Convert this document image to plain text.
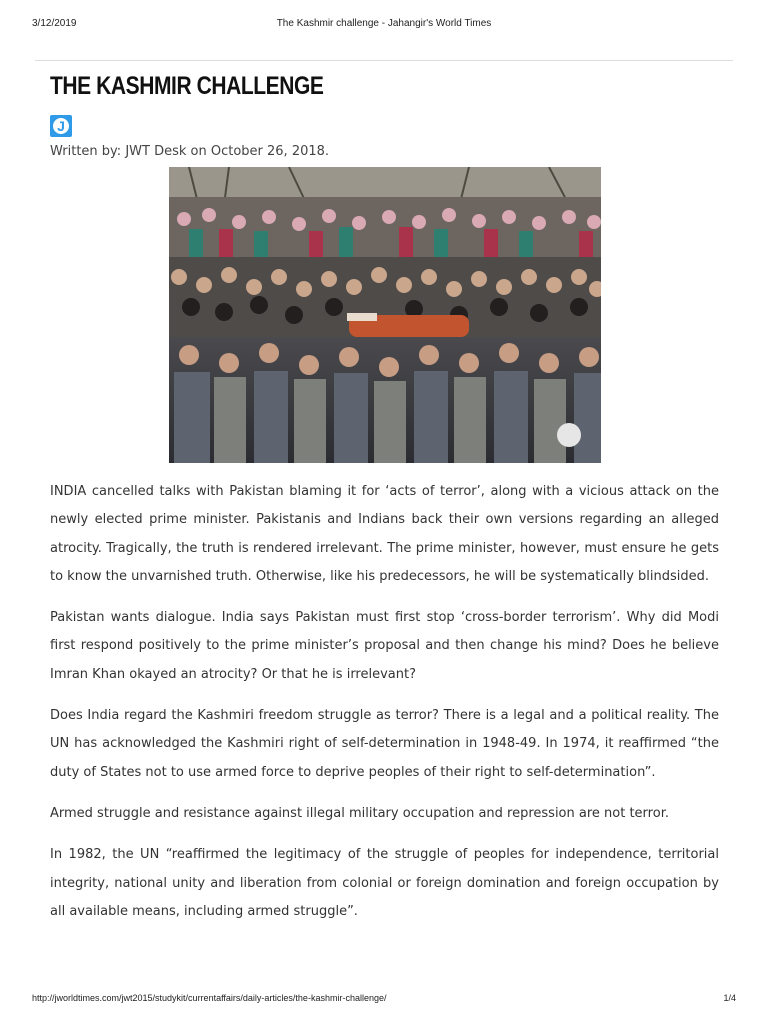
3/12/2019	The Kashmir challenge - Jahangir's World Times
THE KASHMIR CHALLENGE
J
Written by: JWT Desk on October 26, 2018.

INDIA cancelled talks with Pakistan blaming it for ‘acts of terror’, along with a vicious attack on the newly elected prime minister. Pakistanis and Indians back their own versions regarding an alleged atrocity. Tragically, the truth is rendered irrelevant. The prime minister, however, must ensure he gets to know the unvarnished truth. Otherwise, like his predecessors, he will be systematically blindsided.

Pakistan wants dialogue. India says Pakistan must first stop ‘cross-border terrorism’. Why did Modi first respond positively to the prime minister’s proposal and then change his mind? Does he believe Imran Khan okayed an atrocity? Or that he is irrelevant?

Does India regard the Kashmiri freedom struggle as terror? There is a legal and a political reality. The UN has acknowledged the Kashmiri right of self-determination in 1948-49. In 1974, it reaffirmed “the duty of States not to use armed force to deprive peoples of their right to self-determination”.

Armed struggle and resistance against illegal military occupation and repression are not terror.

In 1982, the UN “reaffirmed the legitimacy of the struggle of peoples for independence, territorial integrity, national unity and liberation from colonial or foreign domination and foreign occupation by all available means, including armed struggle”.

http://jworldtimes.com/jwt2015/studykit/currentaffairs/daily-articles/the-kashmir-challenge/	1/4
